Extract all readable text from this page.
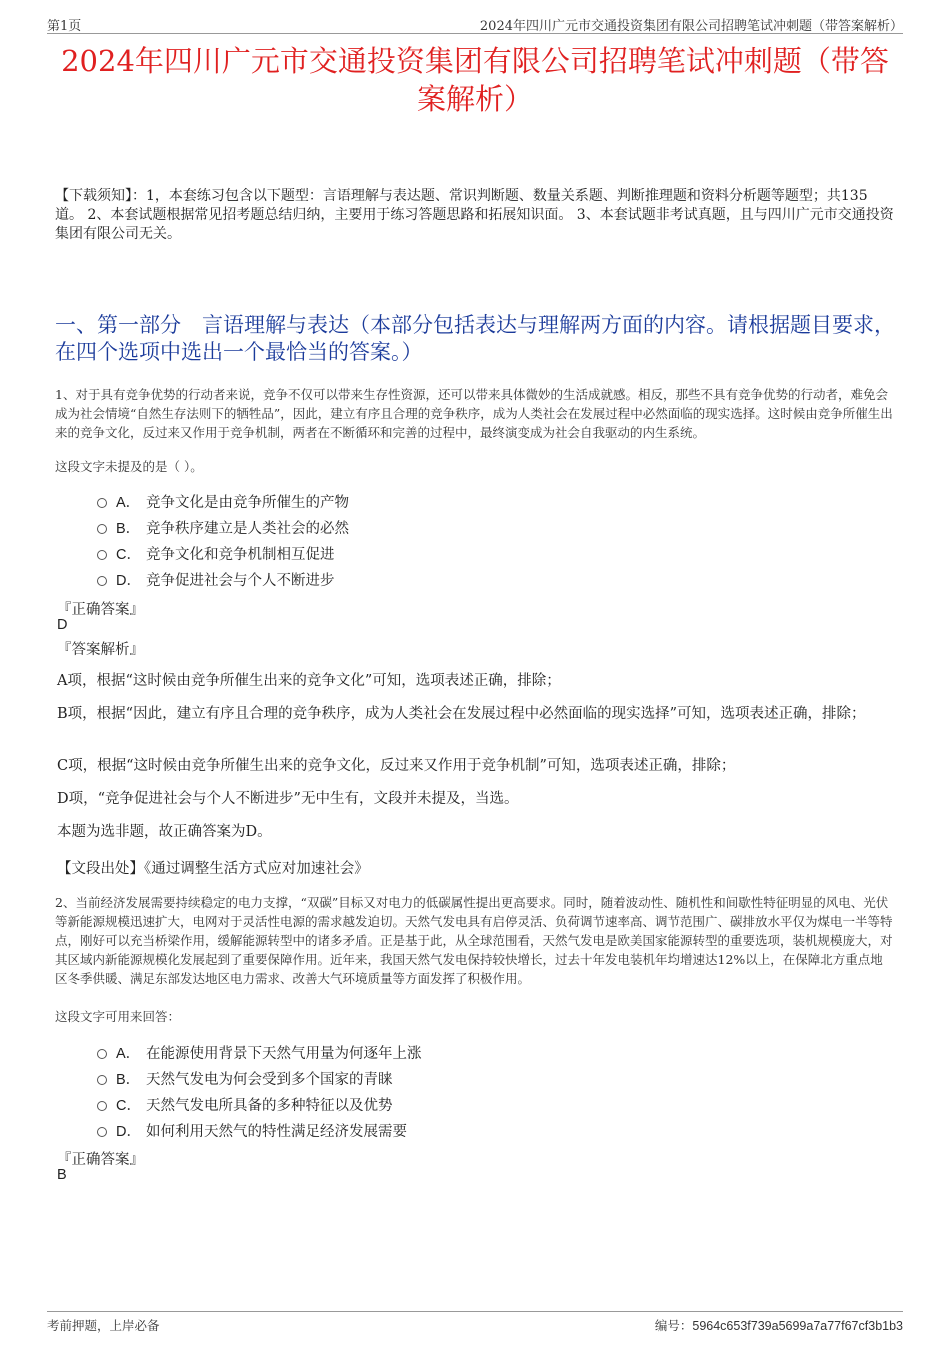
第1页	2024年四川广元市交通投资集团有限公司招聘笔试冲刺题（带答案解析）
2024年四川广元市交通投资集团有限公司招聘笔试冲刺题（带答案解析）
【下载须知】：1，本套练习包含以下题型：言语理解与表达题、常识判断题、数量关系题、判断推理题和资料分析题等题型；共135道。 2、本套试题根据常见招考题总结归纳，主要用于练习答题思路和拓展知识面。 3、本套试题非考试真题，且与四川广元市交通投资集团有限公司无关。
一、第一部分　言语理解与表达（本部分包括表达与理解两方面的内容。请根据题目要求，在四个选项中选出一个最恰当的答案。）
1、对于具有竞争优势的行动者来说，竞争不仅可以带来生存性资源，还可以带来具体微妙的生活成就感。相反，那些不具有竞争优势的行动者，难免会成为社会情境“自然生存法则下的牺牲品”，因此，建立有序且合理的竞争秩序，成为人类社会在发展过程中必然面临的现实选择。这时候由竞争所催生出来的竞争文化，反过来又作用于竞争机制，两者在不断循环和完善的过程中，最终演变成为社会自我驱动的内生系统。
这段文字未提及的是（ ）。
A． 竞争文化是由竞争所催生的产物
B． 竞争秩序建立是人类社会的必然
C． 竞争文化和竞争机制相互促进
D． 竞争促进社会与个人不断进步
『正确答案』
D
『答案解析』
A项，根据“这时候由竞争所催生出来的竞争文化”可知，选项表述正确，排除；
B项，根据“因此，建立有序且合理的竞争秩序，成为人类社会在发展过程中必然面临的现实选择”可知，选项表述正确，排除；
C项，根据“这时候由竞争所催生出来的竞争文化，反过来又作用于竞争机制”可知，选项表述正确，排除；
D项，“竞争促进社会与个人不断进步”无中生有，文段并未提及，当选。
本题为选非题，故正确答案为D。
【文段出处】《通过调整生活方式应对加速社会》
2、当前经济发展需要持续稳定的电力支撑，“双碳”目标又对电力的低碳属性提出更高要求。同时，随着波动性、随机性和间歇性特征明显的风电、光伏等新能源规模迅速扩大，电网对于灵活性电源的需求越发迫切。天然气发电具有启停灵活、负荷调节速率高、调节范围广、碳排放水平仅为煤电一半等特点，刚好可以充当桥梁作用，缓解能源转型中的诸多矛盾。正是基于此，从全球范围看，天然气发电是欧美国家能源转型的重要选项，装机规模庞大，对其区域内新能源规模化发展起到了重要保障作用。近年来，我国天然气发电保持较快增长，过去十年发电装机年均增速达12%以上，在保障北方重点地区冬季供暖、满足东部发达地区电力需求、改善大气环境质量等方面发挥了积极作用。
这段文字可用来回答：
A． 在能源使用背景下天然气用量为何逐年上涨
B． 天然气发电为何会受到多个国家的青睐
C． 天然气发电所具备的多种特征以及优势
D． 如何利用天然气的特性满足经济发展需要
『正确答案』
B
考前押题，上岸必备	编号：5964c653f739a5699a7a77f67cf3b1b3
